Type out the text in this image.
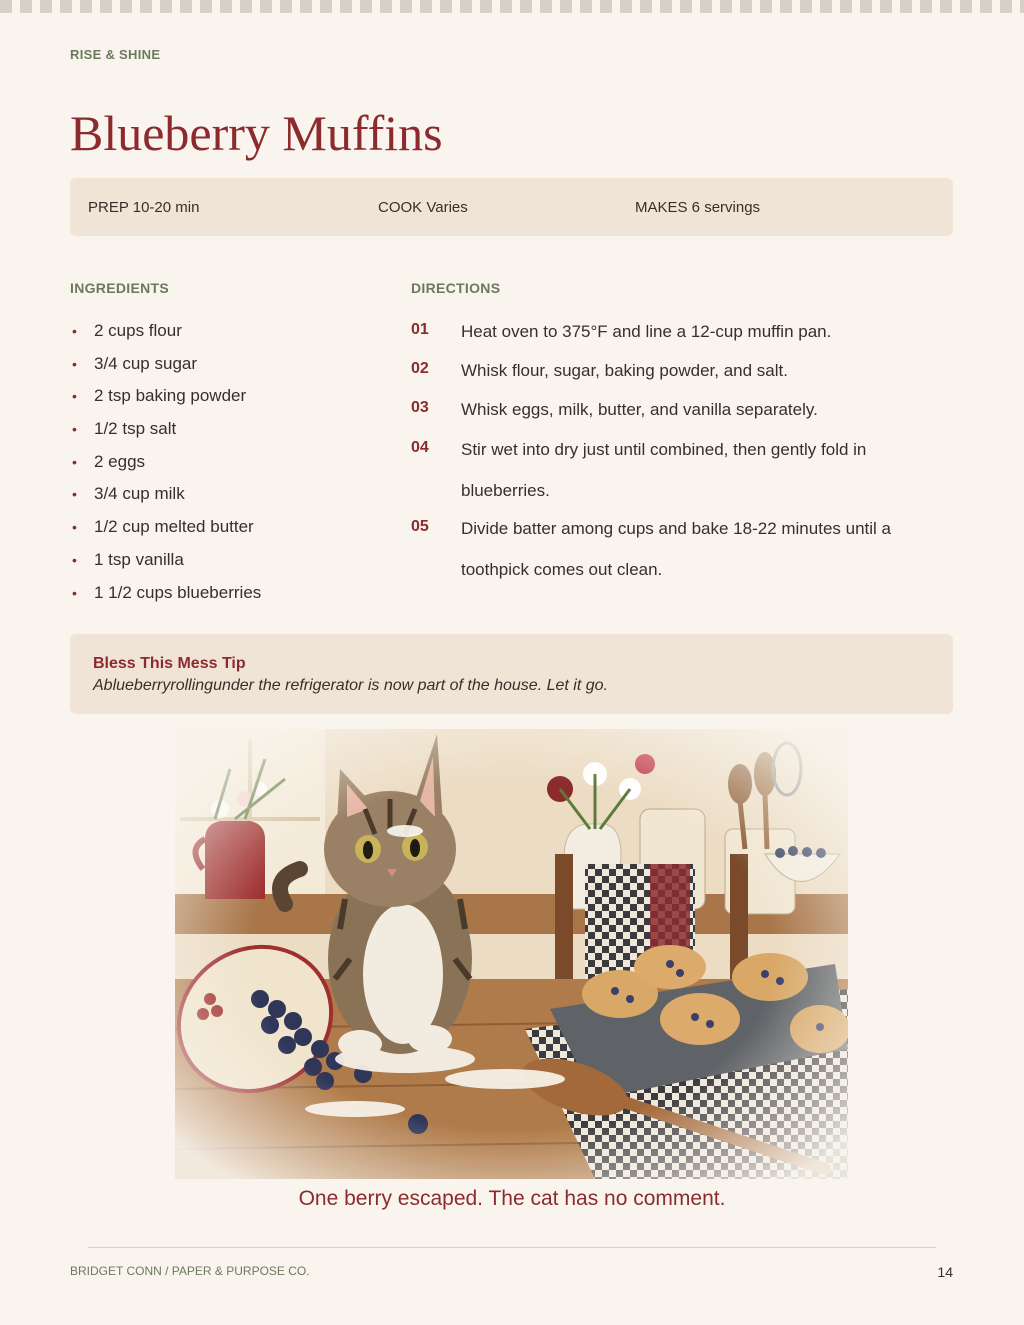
RISE & SHINE
Blueberry Muffins
PREP 10-20 min	COOK Varies	MAKES 6 servings
INGREDIENTS	DIRECTIONS
• 2 cups flour
• 3/4 cup sugar
• 2 tsp baking powder
• 1/2 tsp salt
• 2 eggs
• 3/4 cup milk
• 1/2 cup melted butter
• 1 tsp vanilla
• 1 1/2 cups blueberries
01 Heat oven to 375°F and line a 12-cup muffin pan.
02 Whisk flour, sugar, baking powder, and salt.
03 Whisk eggs, milk, butter, and vanilla separately.
04 Stir wet into dry just until combined, then gently fold in blueberries.
05 Divide batter among cups and bake 18-22 minutes until a toothpick comes out clean.
Bless This Mess Tip
Ablueberryrollingunder the refrigerator is now part of the house. Let it go.
One berry escaped. The cat has no comment.
BRIDGET CONN / PAPER & PURPOSE CO.	14
